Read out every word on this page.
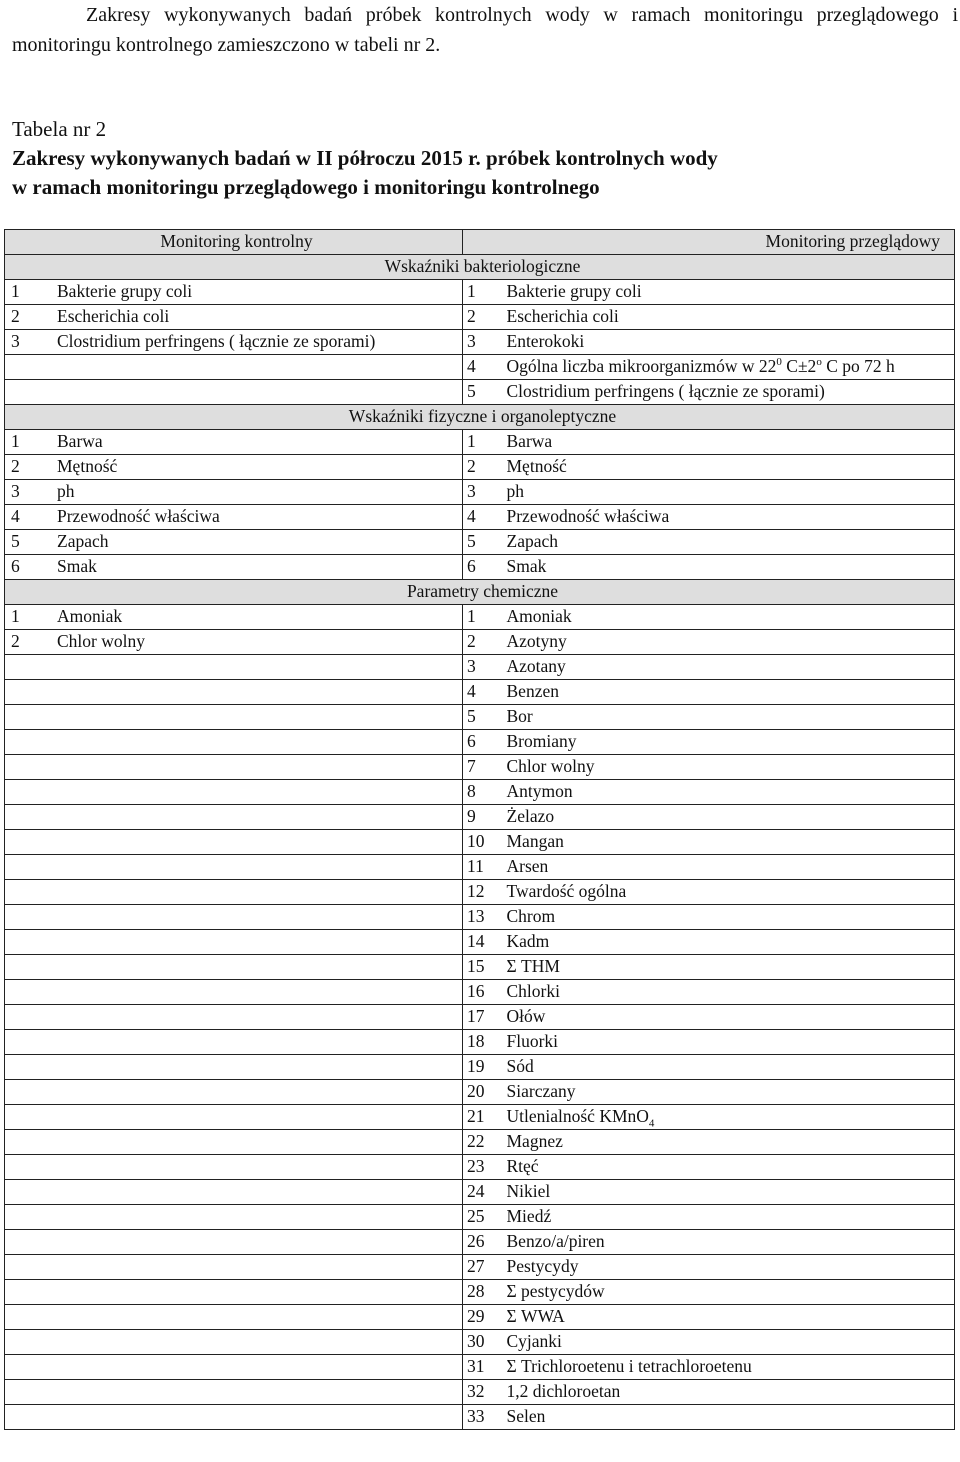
Zakresy wykonywanych badań próbek kontrolnych wody w ramach monitoringu przeglądowego i monitoringu kontrolnego zamieszczono w tabeli nr 2.
Tabela nr 2
Zakresy wykonywanych badań w II półroczu 2015 r. próbek kontrolnych wody
w ramach monitoringu przeglądowego i monitoringu kontrolnego
Monitoring kontrolny	Monitoring przeglądowy	
Wskaźniki bakteriologiczne		
1 Bakterie grupy coli	1	Bakterie grupy coli
2 Escherichia coli	2	Escherichia coli
3 Clostridium perfringens ( łącznie ze sporami)	3	Enterokoki
	4	Ogólna liczba mikroorganizmów w $22^0$ $C\pm 2^o$ C po 72 h
	5	Clostridium perfringens ( łącznie ze sporami)
Wskaźniki fizyczne i organoleptyczne		
1 Barwa	1	Barwa
2 Mętność	2	Mętność
3 ph	3	ph
4 Przewodność właściwa	4	Przewodność właściwa
5 Zapach	5	Zapach
6 Smak	6	Smak
Parametry chemiczne		
1 Amoniak	1	Amoniak
2 Chlor wolny	2	Azotyny
	3	Azotany
	4	Benzen
	5	Bor
	6	Bromiany
	7	Chlor wolny
	8	Antymon
	9	Żelazo
	10	Mangan
	11	Arsen
	12	Twardość ogólna
	13	Chrom
	14	Kadm
	15	Σ THM
	16	Chlorki
	17	Ołów
	18	Fluorki
	19	Sód
	20	Siarczany
	21	Utlenialność KMnO$_4$
	22	Magnez
	23	Rtęć
	24	Nikiel
	25	Miedź
	26	Benzo/a/piren
	27	Pestycydy
	28	Σ pestycydów
	29	Σ WWA
	30	Cyjanki
	31	Σ Trichloroetenu i tetrachloroetenu
	32	1,2 dichloroetan
	33	Selen
